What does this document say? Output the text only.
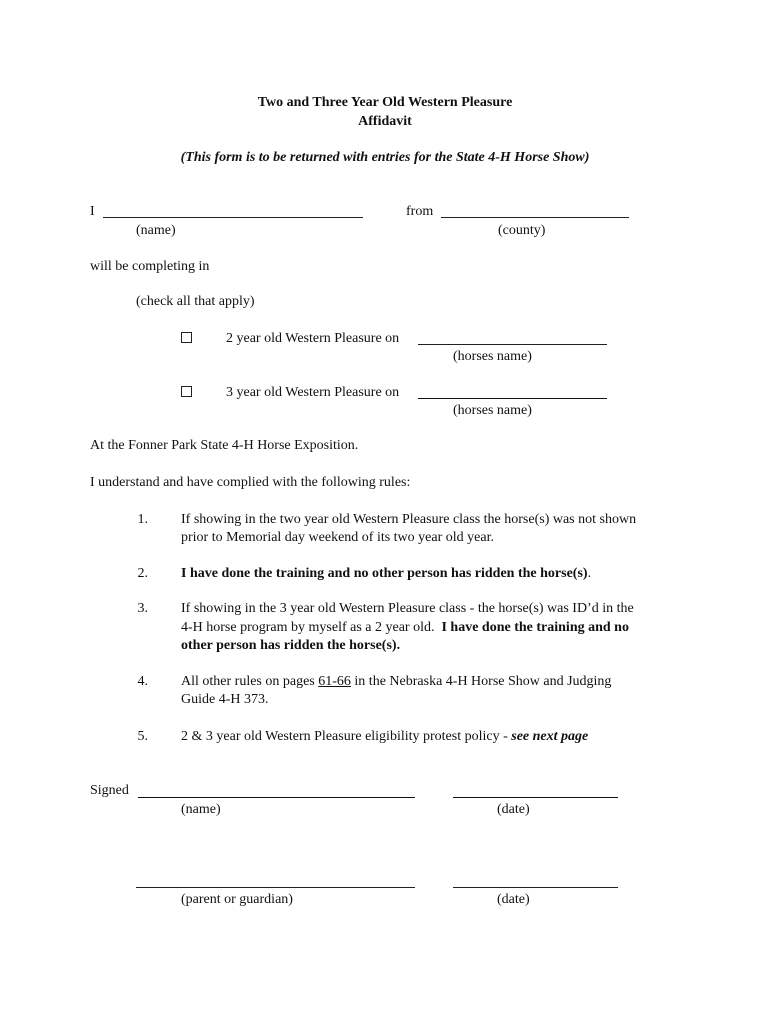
Two and Three Year Old Western Pleasure
Affidavit
(This form is to be returned with entries for the State 4-H Horse Show)
I	from
(name)	(county)
will be completing in
(check all that apply)
2 year old Western Pleasure on
(horses name)
3 year old Western Pleasure on
(horses name)
At the Fonner Park State 4-H Horse Exposition.
I understand and have complied with the following rules:
1. If showing in the two year old Western Pleasure class the horse(s) was not shown
prior to Memorial day weekend of its two year old year.
2. I have done the training and no other person has ridden the horse(s).
3. If showing in the 3 year old Western Pleasure class - the horse(s) was ID’d in the
4-H horse program by myself as a 2 year old.  I have done the training and no
other person has ridden the horse(s).
4. All other rules on pages 61-66 in the Nebraska 4-H Horse Show and Judging
Guide 4-H 373.
5. 2 & 3 year old Western Pleasure eligibility protest policy - see next page
Signed
(name)	(date)
(parent or guardian)	(date)
